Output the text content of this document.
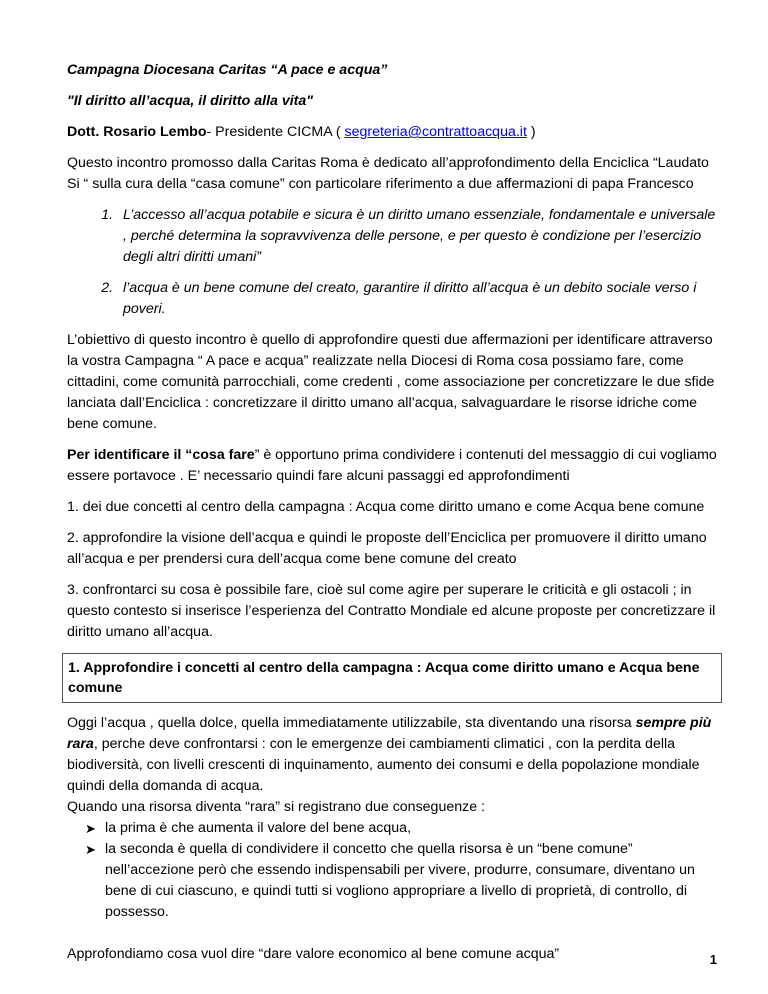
Campagna Diocesana Caritas “A pace e acqua”

"Il diritto all’acqua, il diritto alla vita"

Dott. Rosario Lembo- Presidente CICMA ( segreteria@contrattoacqua.it )

Questo incontro promosso dalla Caritas Roma è dedicato all’approfondimento della Enciclica “Laudato Si “ sulla cura della “casa comune” con particolare riferimento a due affermazioni di papa Francesco

1. L’accesso all’acqua potabile e sicura è un diritto umano essenziale, fondamentale e universale , perché determina la sopravvivenza delle persone, e per questo è condizione per l’esercizio degli altri diritti umani”
2. l’acqua è un bene comune del creato, garantire il diritto all’acqua è un debito sociale verso i poveri.

L’obiettivo di questo incontro è quello di approfondire questi due affermazioni per identificare attraverso la vostra Campagna “ A pace e acqua” realizzate nella Diocesi di Roma cosa possiamo fare, come cittadini, come comunità parrocchiali, come credenti , come associazione per concretizzare le due sfide lanciata dall’Enciclica : concretizzare il diritto umano all’acqua, salvaguardare le risorse idriche come bene comune.

Per identificare il “cosa fare” è opportuno prima condividere i contenuti del messaggio di cui vogliamo essere portavoce . E’ necessario quindi fare alcuni passaggi ed approfondimenti

1. dei due concetti al centro della campagna : Acqua come diritto umano e come Acqua bene comune

2. approfondire la visione dell’acqua e quindi le proposte dell’Enciclica per promuovere il diritto umano all’acqua e per prendersi cura dell’acqua come bene comune del creato

3. confrontarci su cosa è possibile fare, cioè sul come agire per superare le criticità e gli ostacoli ; in questo contesto si inserisce l’esperienza del Contratto Mondiale ed alcune proposte per concretizzare il diritto umano all’acqua.

1. Approfondire i concetti al centro della campagna : Acqua come diritto umano e Acqua bene comune

Oggi l’acqua , quella dolce, quella immediatamente utilizzabile, sta diventando una risorsa sempre più rara, perche deve confrontarsi : con le emergenze dei cambiamenti climatici , con la perdita della biodiversità, con livelli crescenti di inquinamento, aumento dei consumi e della popolazione mondiale quindi della domanda di acqua.

Quando una risorsa diventa “rara” si registrano due conseguenze :

➤ la prima è che aumenta il valore del bene acqua,
➤ la seconda è quella di condividere il concetto che quella risorsa è un “bene comune” nell’accezione però che essendo indispensabili per vivere, produrre, consumare, diventano un bene di cui ciascuno, e quindi tutti si vogliono appropriare a livello di proprietà, di controllo, di possesso.

Approfondiamo cosa vuol dire “dare valore economico al bene comune acqua”	1
